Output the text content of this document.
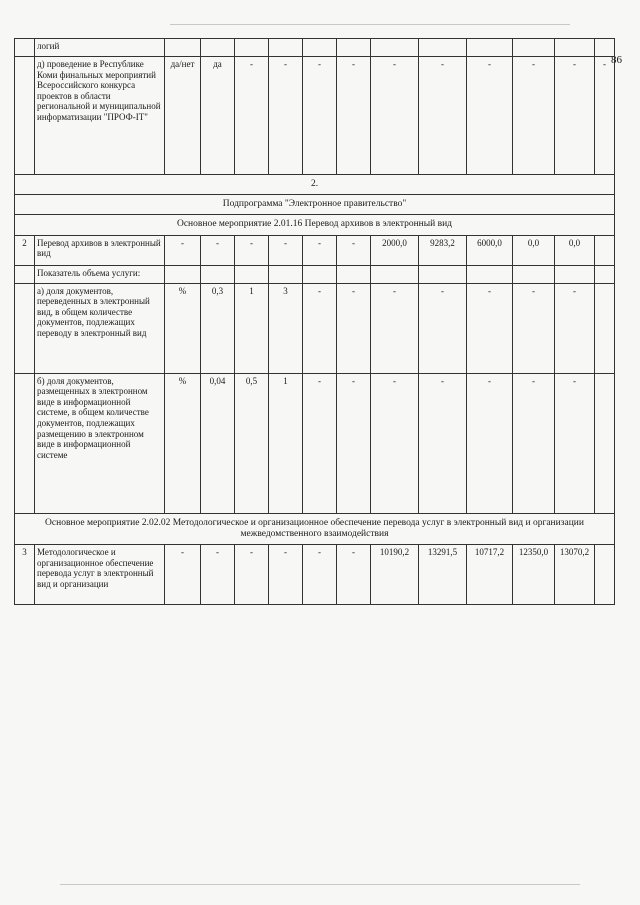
86
	логий												
	д) проведение в Республике Коми финальных мероприятий Всероссийского конкурса проектов в области региональной и муниципальной информатизации "ПРОФ-IT"	да/нет	да	-	-	-	-	-	-	-	-	-	-
2.													
Подпрограмма "Электронное правительство"													
Основное мероприятие 2.01.16 Перевод архивов в электронный вид													
2	Перевод архивов в электронный вид	-	-	-	-	-	-	2000,0	9283,2	6000,0	0,0	0,0	
	Показатель объема услуги:												
	а) доля документов, переведенных в электронный вид, в общем количестве документов, подлежащих переводу в электронный вид	%	0,3	1	3	-	-	-	-	-	-	-	
	б) доля документов, размещенных в электронном виде в информационной системе, в общем количестве документов, подлежащих размещению в электронном виде в информационной системе	%	0,04	0,5	1	-	-	-	-	-	-	-	
Основное мероприятие 2.02.02 Методологическое и организационное обеспечение перевода услуг в электронный вид и организации межведомственного взаимодействия													
3	Методологическое и организационное обеспечение перевода услуг в электронный вид и организации	-	-	-	-	-	-	10190,2	13291,5	10717,2	12350,0	13070,2	
